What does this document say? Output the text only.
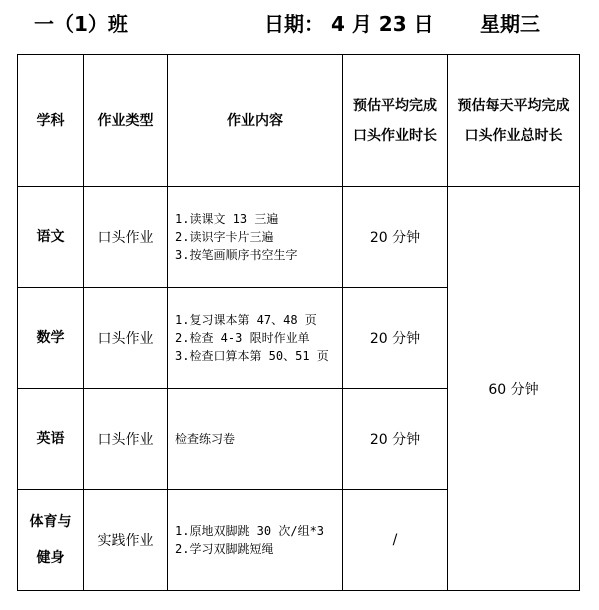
一（1）班	日期： 4 月 23 日 星期三
学科	作业类型	作业内容	预估平均完成口头作业时长	预估每天平均完成口头作业总时长
语文	口头作业	1.读课文 13 三遍
2.读识字卡片三遍
3.按笔画顺序书空生字	20 分钟	60 分钟
数学	口头作业	1.复习课本第 47、48 页
2.检查 4-3 限时作业单
3.检查口算本第 50、51 页	20 分钟	
英语	口头作业	检查练习卷	20 分钟	
体育与健身	实践作业	1.原地双脚跳 30 次/组*3
2.学习双脚跳短绳	/	
